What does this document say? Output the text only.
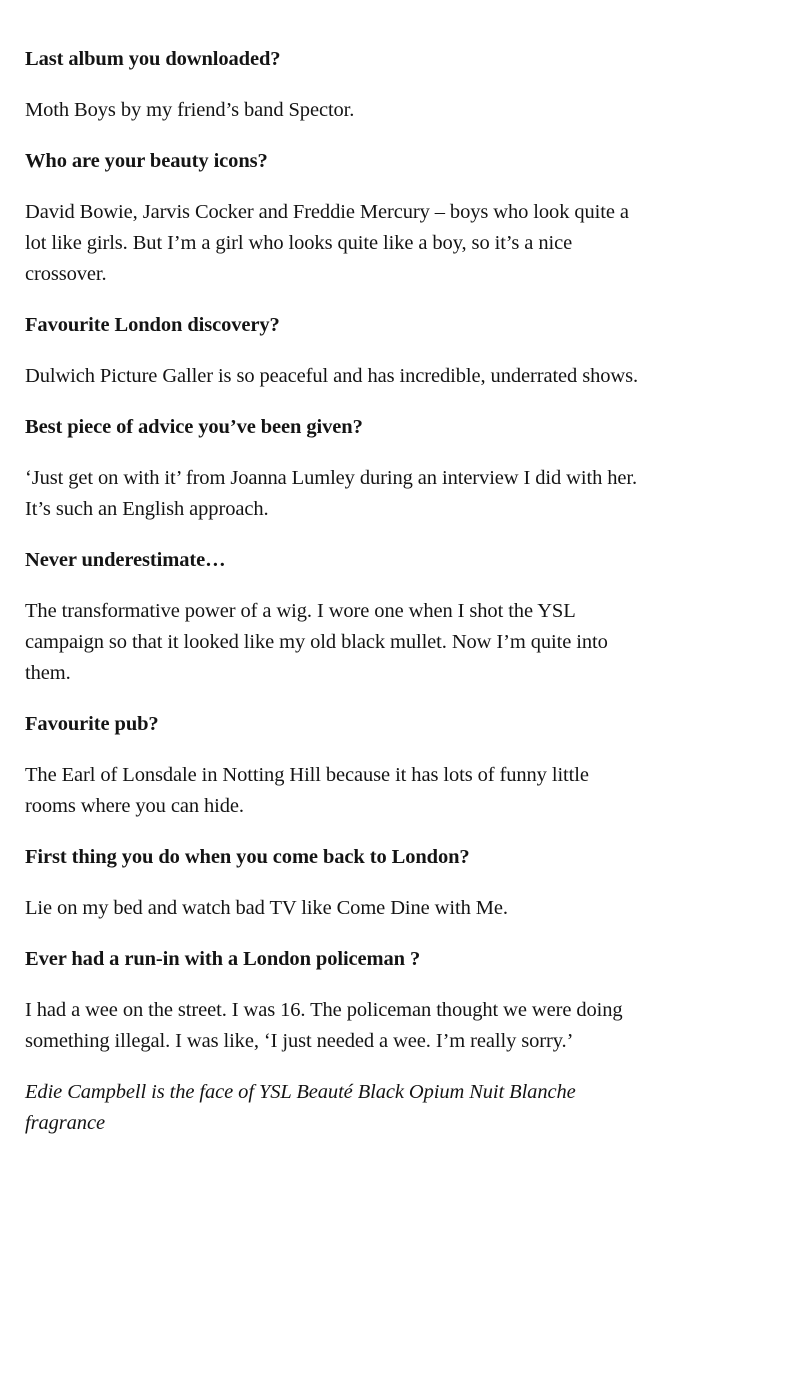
Last album you downloaded?

Moth Boys by my friend’s band Spector.

Who are your beauty icons?

David Bowie, Jarvis Cocker and Freddie Mercury – boys who look quite a lot like girls. But I’m a girl who looks quite like a boy, so it’s a nice crossover.

Favourite London discovery?

Dulwich Picture Galler is so peaceful and has incredible, underrated shows.

Best piece of advice you’ve been given?

‘Just get on with it’ from Joanna Lumley during an interview I did with her. It’s such an English approach.

Never underestimate…

The transformative power of a wig. I wore one when I shot the YSL campaign so that it looked like my old black mullet. Now I’m quite into them.

Favourite pub?

The Earl of Lonsdale in Notting Hill because it has lots of funny little rooms where you can hide.

First thing you do when you come back to London?

Lie on my bed and watch bad TV like Come Dine with Me.

Ever had a run-in with a London policeman ?

I had a wee on the street. I was 16. The policeman thought we were doing something illegal. I was like, ‘I just needed a wee. I’m really sorry.’

Edie Campbell is the face of YSL Beauté Black Opium Nuit Blanche fragrance
